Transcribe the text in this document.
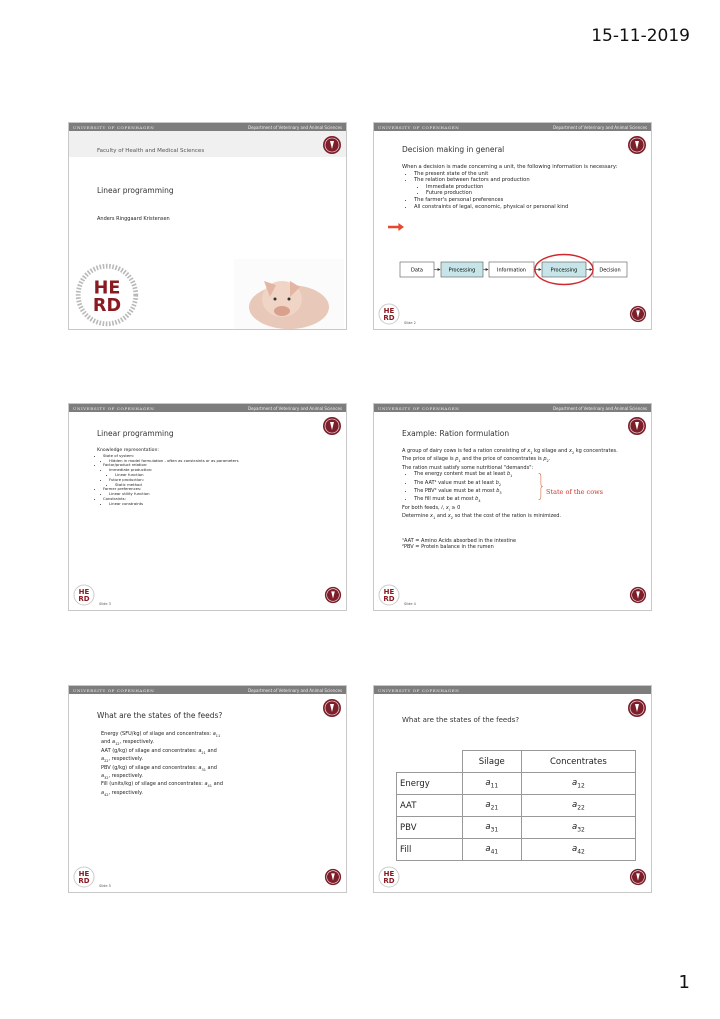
15-11-2019
UNIVERSITY OF COPENHAGEN	Department of Veterinary and Animal Sciences
Faculty of Health and Medical Sciences
Linear programming
Anders Ringgaard Kristensen
HE
RD
UNIVERSITY OF COPENHAGEN	Department of Veterinary and Animal Sciences
Decision making in general
When a decision is made concerning a unit, the following information is necessary:
• The present state of the unit
• The relation between factors and production
• Immediate production
• Future production
• The farmer's personal preferences
• All constraints of legal, economic, physical or personal kind
Data	Processing	Information	Processing	Decision
HE
RD
Slide 2
UNIVERSITY OF COPENHAGEN	Department of Veterinary and Animal Sciences
Linear programming
Knowledge representation:
• State of system:
• Hidden in model formulation - often as constraints or as parameters
• Factor/product relation:
• Immediate production:
• Linear function
• Future production:
• Static method
• Farmer preferences:
• Linear utility function
• Constraints:
• Linear constraints
HE
RD
Slide 3
UNIVERSITY OF COPENHAGEN	Department of Veterinary and Animal Sciences
Example: Ration formulation
A group of dairy cows is fed a ration consisting of $x_1$ kg silage and $x_2$ kg concentrates.
The price of silage is $p_1$ and the price of concentrates is $p_2$.
The ration must satisfy some nutritional "demands":
• The energy content must be at least $b_1$
• The AAT¹ value must be at least $b_2$
• The PBV² value must be at most $b_3$
• The fill must be at most $b_4$
For both feeds, i, $x_i \ge 0$
Determine $x_1$ and $x_2$ so that the cost of the ration is minimized.
¹AAT = Amino Acids absorbed in the intestine
²PBV = Protein balance in the rumen
State of the cows
HE
RD
Slide 4
UNIVERSITY OF COPENHAGEN	Department of Veterinary and Animal Sciences
What are the states of the feeds?
Energy (SFU/kg) of silage and concentrates: $a_{11}$ and $a_{12}$, respectively.
AAT (g/kg) of silage and concentrates: $a_{21}$ and $a_{22}$, respectively.
PBV (g/kg) of silage and concentrates: $a_{31}$ and $a_{32}$, respectively.
Fill (units/kg) of silage and concentrates: $a_{41}$ and $a_{42}$, respectively.
HE
RD
Slide 5
UNIVERSITY OF COPENHAGEN
What are the states of the feeds?
	Silage	Concentrates
Energy	$a_{11}$	$a_{12}$
AAT	$a_{21}$	$a_{22}$
PBV	$a_{31}$	$a_{32}$
Fill	$a_{41}$	$a_{42}$
HE
RD
1
